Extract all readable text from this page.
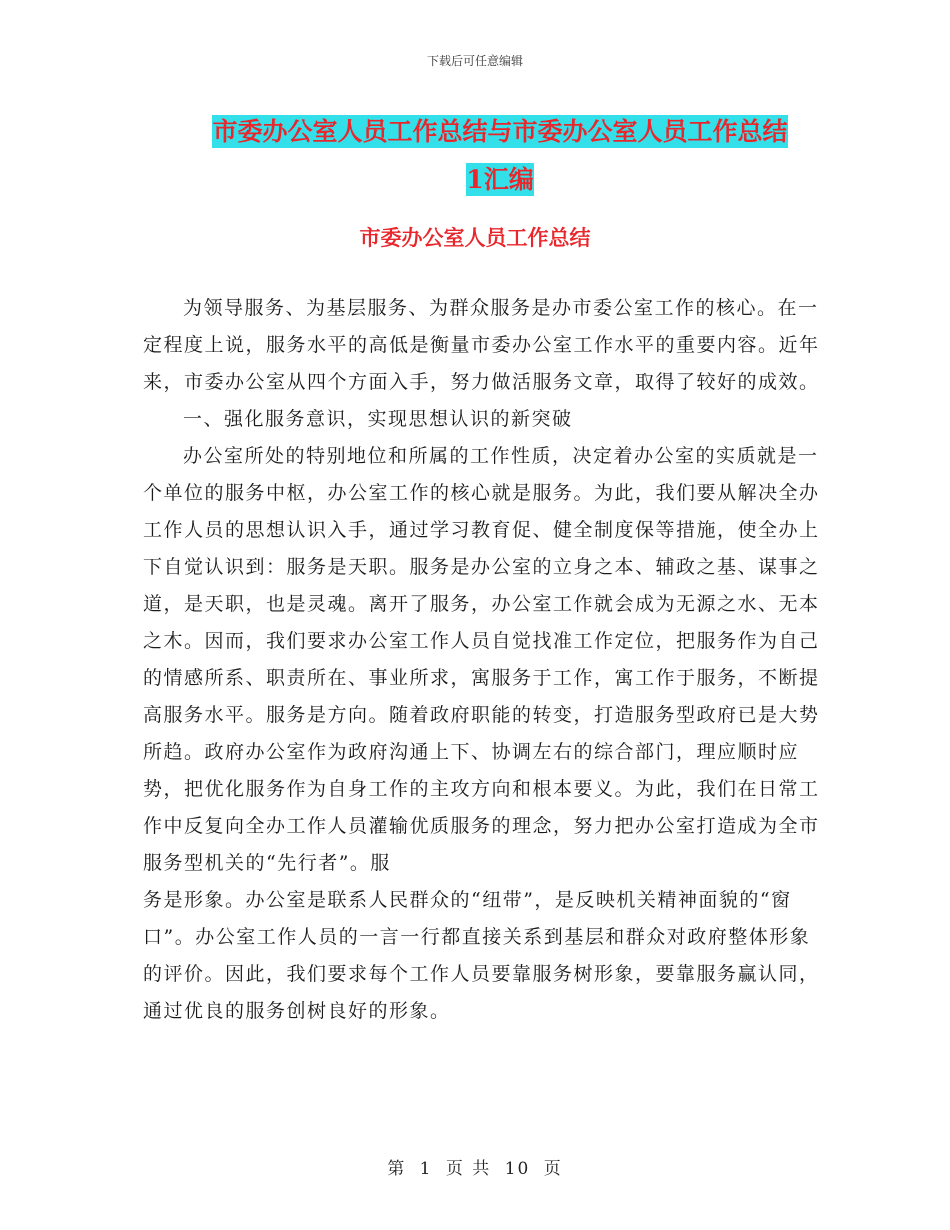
下载后可任意编辑
市委办公室人员工作总结与市委办公室人员工作总结
1汇编
市委办公室人员工作总结

为领导服务、为基层服务、为群众服务是办市委公室工作的核心。在一定程度上说，服务水平的高低是衡量市委办公室工作水平的重要内容。近年来，市委办公室从四个方面入手，努力做活服务文章，取得了较好的成效。

一、强化服务意识，实现思想认识的新突破

办公室所处的特别地位和所属的工作性质，决定着办公室的实质就是一个单位的服务中枢，办公室工作的核心就是服务。为此，我们要从解决全办工作人员的思想认识入手，通过学习教育促、健全制度保等措施，使全办上下自觉认识到：服务是天职。服务是办公室的立身之本、辅政之基、谋事之道，是天职，也是灵魂。离开了服务，办公室工作就会成为无源之水、无本之木。因而，我们要求办公室工作人员自觉找准工作定位，把服务作为自己的情感所系、职责所在、事业所求，寓服务于工作，寓工作于服务，不断提高服务水平。服务是方向。随着政府职能的转变，打造服务型政府已是大势所趋。政府办公室作为政府沟通上下、协调左右的综合部门，理应顺时应势，把优化服务作为自身工作的主攻方向和根本要义。为此，我们在日常工作中反复向全办工作人员灌输优质服务的理念，努力把办公室打造成为全市服务型机关的“先行者”。服

务是形象。办公室是联系人民群众的“纽带”，是反映机关精神面貌的“窗口”。办公室工作人员的一言一行都直接关系到基层和群众对政府整体形象的评价。因此，我们要求每个工作人员要靠服务树形象，要靠服务赢认同，通过优良的服务创树良好的形象。

第 1 页 共 10 页
